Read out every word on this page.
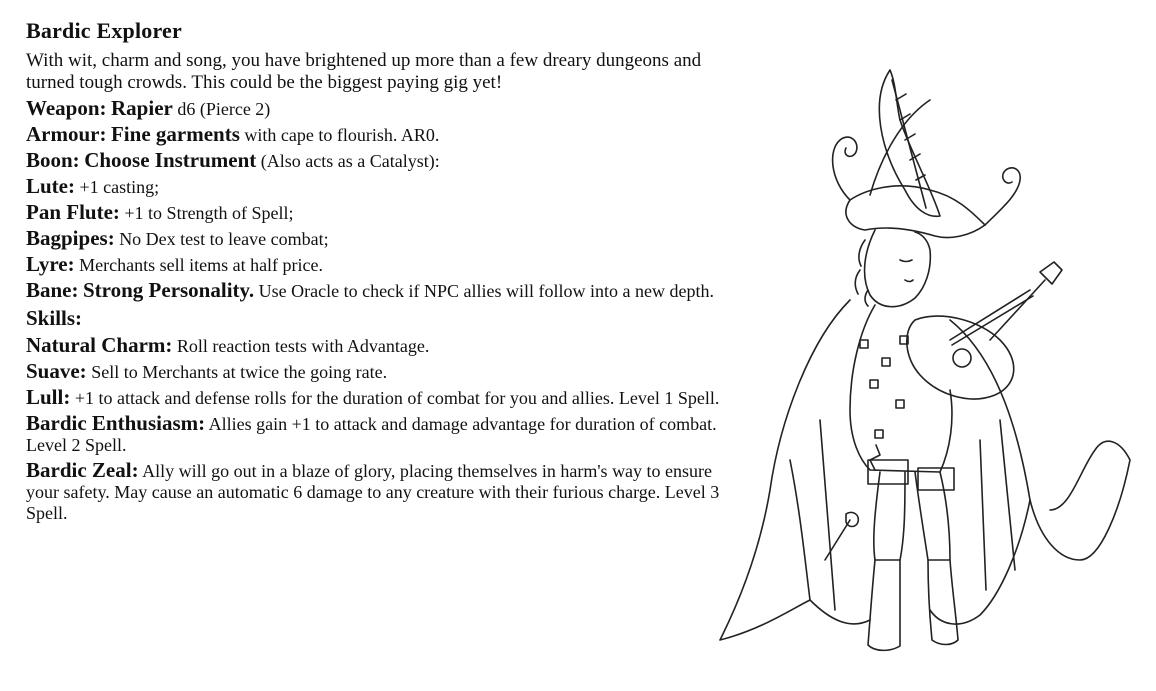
Bardic Explorer
With wit, charm and song, you have brightened up more than a few dreary dungeons and turned tough crowds. This could be the biggest paying gig yet!
Weapon: Rapier d6 (Pierce 2)
Armour: Fine garments with cape to flourish. AR0.
Boon: Choose Instrument (Also acts as a Catalyst):
Lute: +1 casting;
Pan Flute: +1 to Strength of Spell;
Bagpipes: No Dex test to leave combat;
Lyre: Merchants sell items at half price.
Bane: Strong Personality. Use Oracle to check if NPC allies will follow into a new depth.
Skills:
Natural Charm: Roll reaction tests with Advantage.
Suave: Sell to Merchants at twice the going rate.
Lull: +1 to attack and defense rolls for the duration of combat for you and allies. Level 1 Spell.
Bardic Enthusiasm: Allies gain +1 to attack and damage advantage for duration of combat. Level 2 Spell.
Bardic Zeal: Ally will go out in a blaze of glory, placing themselves in harm's way to ensure your safety. May cause an automatic 6 damage to any creature with their furious charge. Level 3 Spell.
